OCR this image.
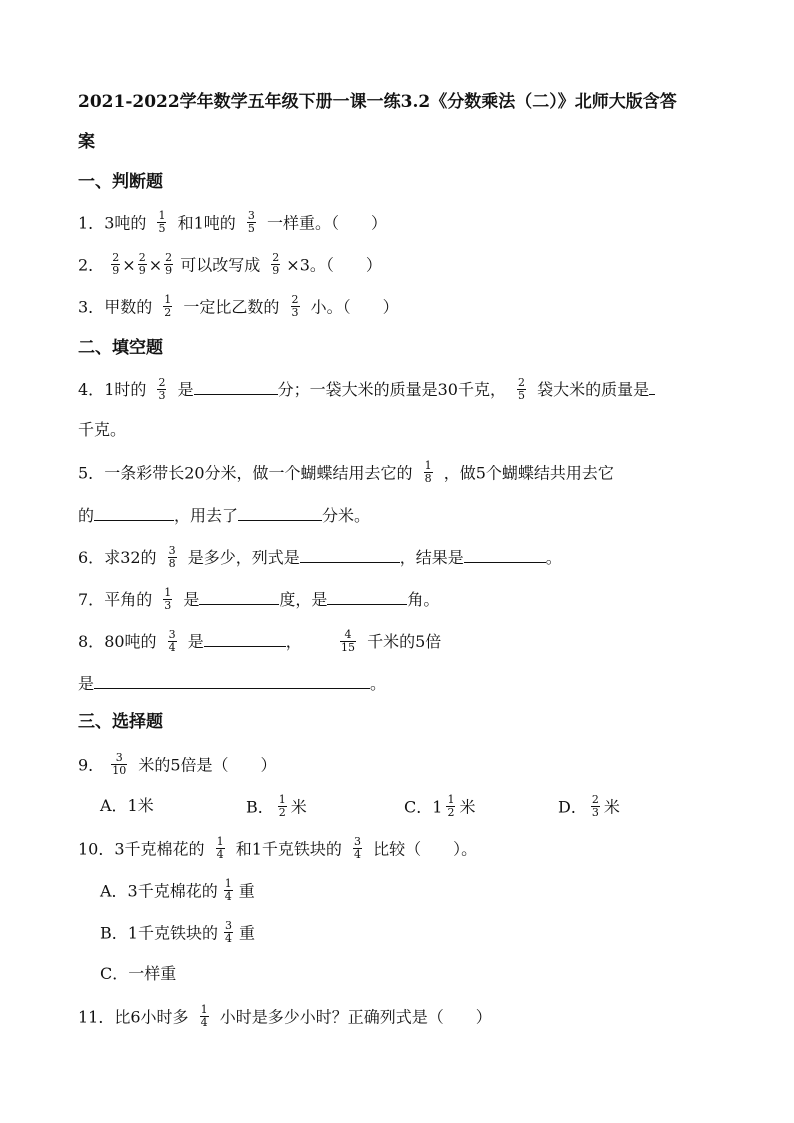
2021-2022学年数学五年级下册一课一练3.2《分数乘法（二）》北师大版含答
案
一、判断题
1．3吨的 $\frac{1}{5}$ 和1吨的 $\frac{3}{5}$ 一样重。（　　）
2． $\frac{2}{9} \times \frac{2}{9} \times \frac{2}{9}$ 可以改写成 $\frac{2}{9} \times 3$。（　　）
3．甲数的 $\frac{1}{2}$ 一定比乙数的 $\frac{2}{3}$ 小。（　　）
二、填空题
4．1时的 $\frac{2}{3}$ 是	分；一袋大米的质量是30千克， $\frac{2}{5}$ 袋大米的质量是
千克。
5．一条彩带长20分米，做一个蝴蝶结用去它的 $\frac{1}{8}$ ，做5个蝴蝶结共用去它
的	，用去了	分米。
6．求32的 $\frac{3}{8}$ 是多少，列式是	，结果是	。
7．平角的 $\frac{1}{3}$ 是	度，是	角。
8．80吨的 $\frac{3}{4}$ 是	，	$\frac{4}{15}$ 千米的5倍
是	。
三、选择题
9． $\frac{3}{10}$ 米的5倍是（　　）
A．1米	B． $\frac{1}{2}$ 米	C．$1 \frac{1}{2}$ 米	D． $\frac{2}{3}$ 米
10．3千克棉花的 $\frac{1}{4}$ 和1千克铁块的 $\frac{3}{4}$ 比较（　　）。
A．3千克棉花的 $\frac{1}{4}$ 重
B．1千克铁块的 $\frac{3}{4}$ 重
C．一样重
11．比6小时多 $\frac{1}{4}$ 小时是多少小时？正确列式是（　　）
